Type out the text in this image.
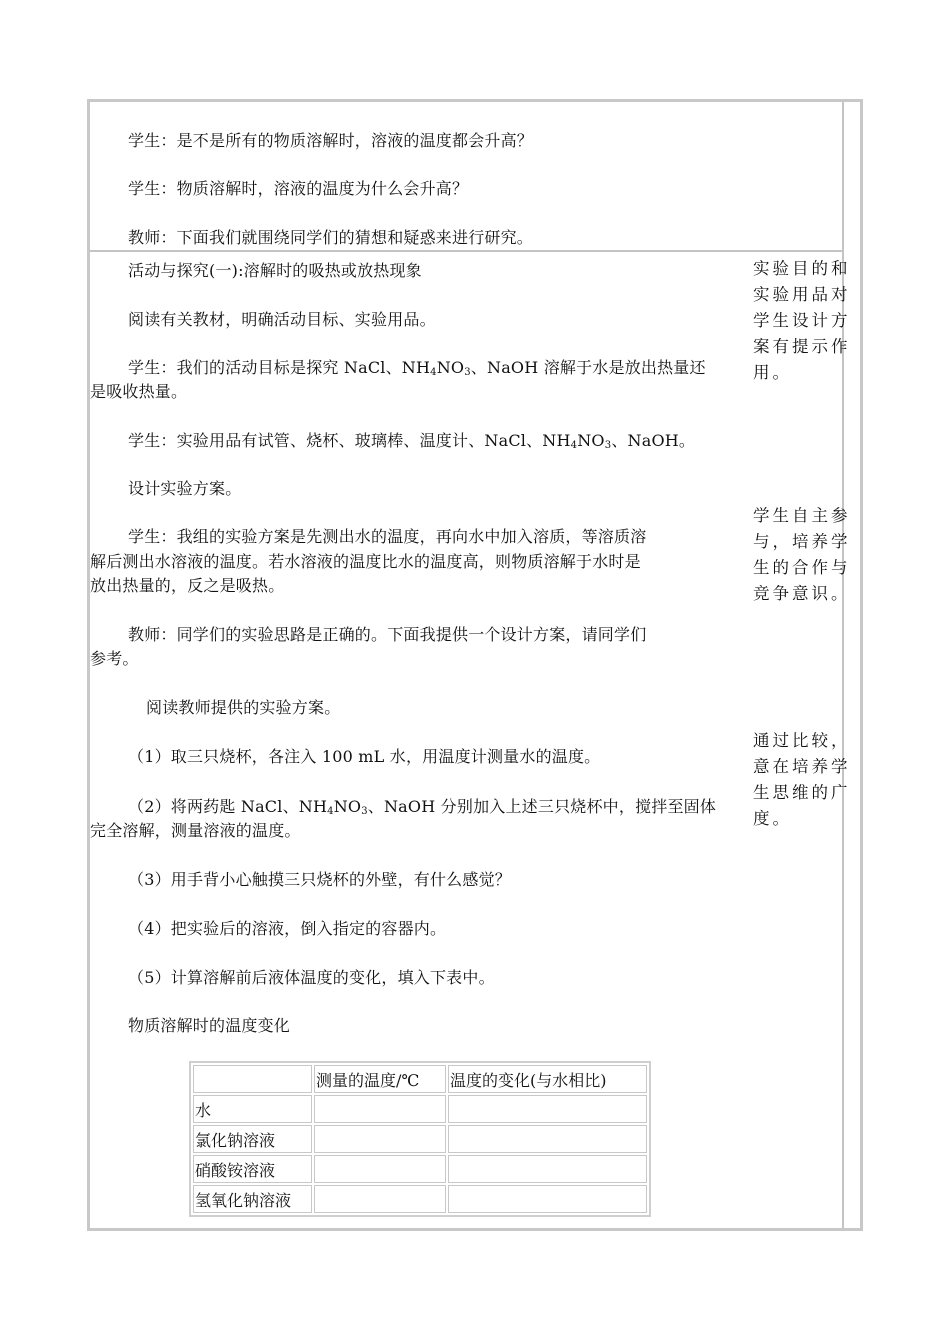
学生：是不是所有的物质溶解时，溶液的温度都会升高？
学生：物质溶解时，溶液的温度为什么会升高？
教师：下面我们就围绕同学们的猜想和疑惑来进行研究。
活动与探究(一):溶解时的吸热或放热现象
阅读有关教材，明确活动目标、实验用品。
学生：我们的活动目标是探究 NaCl、$NH_4NO_3$、NaOH 溶解于水是放出热量还
是吸收热量。
学生：实验用品有试管、烧杯、玻璃棒、温度计、NaCl、$NH_4NO_3$、NaOH。
设计实验方案。
学生：我组的实验方案是先测出水的温度，再向水中加入溶质，等溶质溶
解后测出水溶液的温度。若水溶液的温度比水的温度高，则物质溶解于水时是
放出热量的，反之是吸热。
教师：同学们的实验思路是正确的。下面我提供一个设计方案，请同学们
参考。
阅读教师提供的实验方案。
（1）取三只烧杯，各注入 100 mL 水，用温度计测量水的温度。
（2）将两药匙 NaCl、$NH_4NO_3$、NaOH 分别加入上述三只烧杯中，搅拌至固体
完全溶解，测量溶液的温度。
（3）用手背小心触摸三只烧杯的外壁，有什么感觉？
（4）把实验后的溶液，倒入指定的容器内。
（5）计算溶解前后液体温度的变化，填入下表中。
物质溶解时的温度变化
实验目的和实验用品对学生设计方案有提示作用。
学生自主参与，培养学生的合作与竞争意识。
通过比较，意在培养学生思维的广度。
	测量的温度/℃	温度的变化(与水相比)
水		
氯化钠溶液		
硝酸铵溶液		
氢氧化钠溶液		
